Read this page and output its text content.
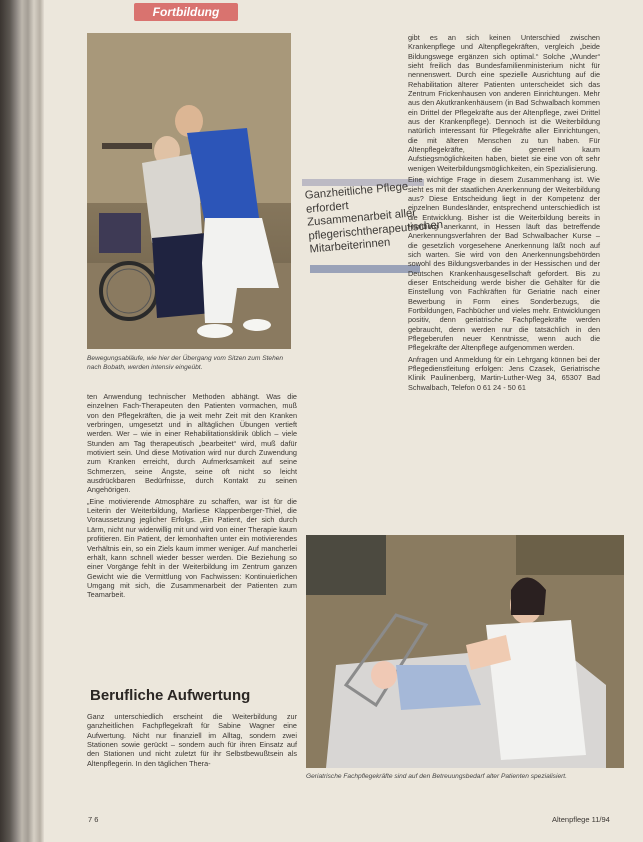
Fortbildung
Bewegungsabläufe, wie hier der Übergang vom Sitzen zum Stehen nach Bobath, werden intensiv eingeübt.
Ganzheitliche Pflege erfordert Zusammenarbeit aller pflegerischtherapeutischen Mitarbeiterinnen

ten Anwendung technischer Methoden abhängt. Was die einzelnen Fach-Therapeuten den Patienten vormachen, muß von den Pflegekräften, die ja weit mehr Zeit mit den Kranken verbringen, umgesetzt und in alltäglichen Übungen vertieft werden. Wer – wie in einer Rehabilitationsklinik üblich – viele Stunden am Tag therapeutisch „bearbeitet“ wird, muß dafür motiviert sein. Und diese Motivation wird nur durch Zuwendung zum Kranken erreicht, durch Aufmerksamkeit auf seine Schmerzen, seine Ängste, seine oft nicht so leicht ausdrückbaren Bedürfnisse, durch Kontakt zu seinen Angehörigen.

„Eine motivierende Atmosphäre zu schaffen, war ist für die Leiterin der Weiterbildung, Marliese Klappenberger-Thiel, die Voraussetzung jeglicher Erfolgs. „Ein Patient, der sich durch Lärm, nicht nur widerwillig mit und wird von einer Therapie kaum profitieren. Ein Patient, der lemonhaften unter ein motivierendes Verhältnis ein, so ein Ziels kaum immer weniger. Auf mancherlei erhält, kann schnell wieder besser werden. Die Beziehung so einer Vorgänge fehlt in der Weiterbildung im Zentrum ganzen Gewicht wie die Vermittlung von Fachwissen: Kontinuierlichen Umgang mit sich, die Zusammenarbeit der Patienten zum Teamarbeit.

Berufliche Aufwertung

Ganz unterschiedlich erscheint die Weiterbildung zur ganzheitlichen Fachpflegekraft für Sabine Wagner eine Aufwertung. Nicht nur finanziell im Alltag, sondern zwei Stationen sowie gerückt – sondern auch für ihren Einsatz auf den Stationen und nicht zuletzt für ihr Selbstbewußtsein als Altenpflegerin. In den täglichen Thera-

gibt es an sich keinen Unterschied zwischen Krankenpflege und Altenpflegekräften, vergleich „beide Bildungswege ergänzen sich optimal.“ Solche „Wunder“ sieht freilich das Bundesfamilienministerium nicht für nennenswert. Durch eine spezielle Ausrichtung auf die Rehabilitation älterer Patienten unterscheidet sich das Zentrum Frickenhausen von anderen Einrichtungen. Mehr aus den Akutkrankenhäusern (in Bad Schwalbach kommen ein Drittel der Pflegekräfte aus der Altenpflege, zwei Drittel aus der Krankenpflege). Dennoch ist die Weiterbildung natürlich interessant für Pflegekräfte aller Einrichtungen, die mit älteren Menschen zu tun haben. Für Altenpflegekräfte, die generell kaum Aufstiegsmöglichkeiten haben, bietet sie eine von oft sehr wenigen Weiterbildungsmöglichkeiten, ein Spezialisierung.

Eine wichtige Frage in diesem Zusammenhang ist. Wie sieht es mit der staatlichen Anerkennung der Weiterbildung aus? Diese Entscheidung liegt in der Kompetenz der einzelnen Bundesländer, entsprechend unterschiedlich ist die Entwicklung. Bisher ist die Weiterbildung bereits in Hamburg anerkannt, in Hessen läuft das betreffende Anerkennungsverfahren der Bad Schwalbacher Kurse – die gesetzlich vorgesehene Anerkennung läßt noch auf sich warten. Sie wird von den Anerkennungsbehörden sowohl des Bildungsverbandes in der Hessischen und der Deutschen Krankenhausgesellschaft gefordert. Bis zu dieser Entscheidung werde bisher die Gehälter für die Einstellung von Fachkräften für Geriatrie nach einer Bewerbung in Form eines Sonderbezugs, die Fortbildungen, Fachbücher und vieles mehr. Entwicklungen positiv, denn geriatrische Fachpflegekräfte werden gebraucht, denn werden nur die tatsächlich in den Pflegeberufen neuer Kenntnisse, wenn auch die Pflegekräfte der Altenpflege aufgenommen werden.

Anfragen und Anmeldung für ein Lehrgang können bei der Pflegedienstleitung erfolgen: Jens Czasek, Geriatrische Klinik Paulinenberg, Martin-Luther-Weg 34, 65307 Bad Schwalbach, Telefon 0 61 24 - 50 61

Geriatrische Fachpflegekräfte sind auf den Betreuungsbedarf alter Patienten spezialisiert.
7 6	Altenpflege 11/94
